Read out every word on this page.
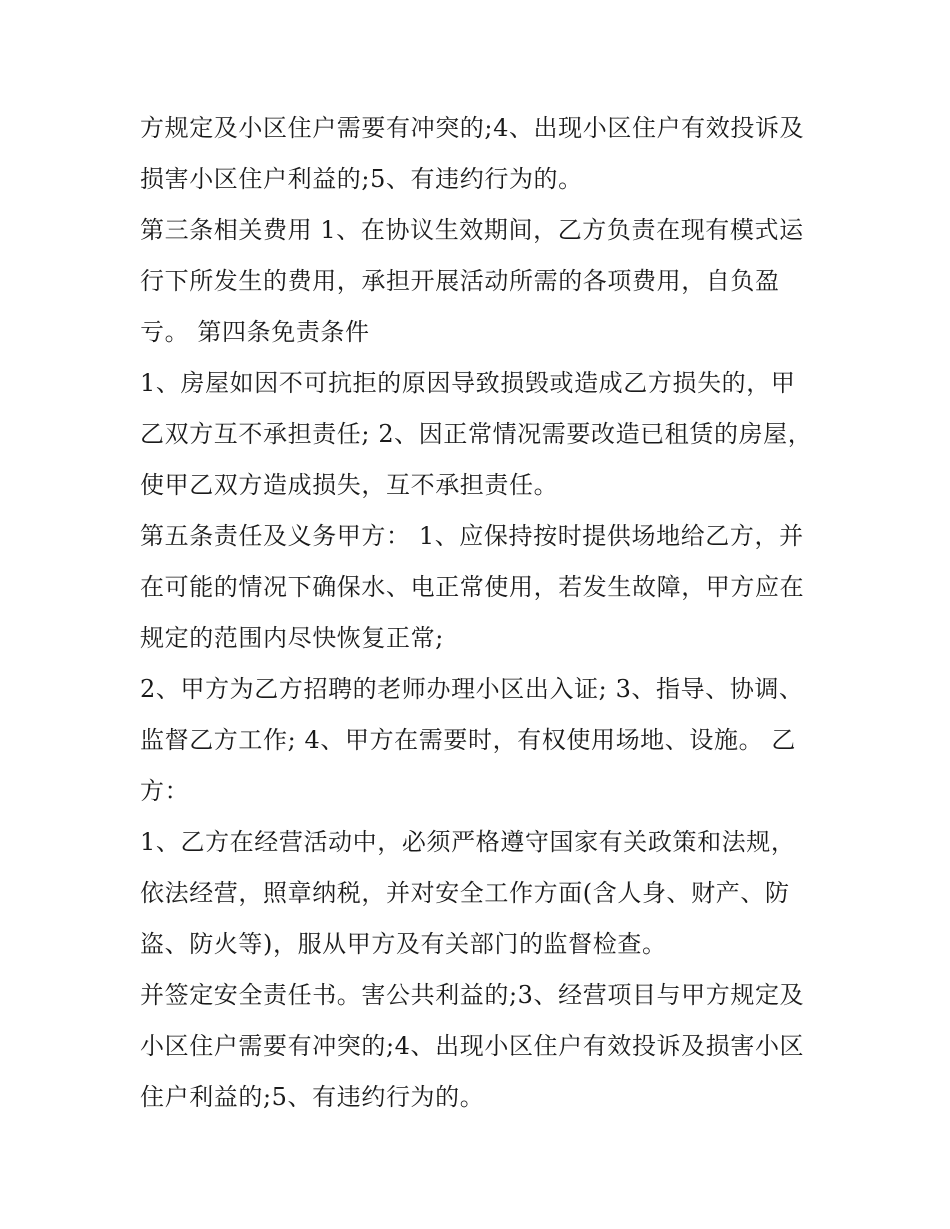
方规定及小区住户需要有冲突的;4、出现小区住户有效投诉及
损害小区住户利益的;5、有违约行为的。
第三条相关费用 1、在协议生效期间，乙方负责在现有模式运
行下所发生的费用，承担开展活动所需的各项费用，自负盈
亏。 第四条免责条件
1、房屋如因不可抗拒的原因导致损毁或造成乙方损失的，甲
乙双方互不承担责任; 2、因正常情况需要改造已租赁的房屋，
使甲乙双方造成损失，互不承担责任。
第五条责任及义务甲方： 1、应保持按时提供场地给乙方，并
在可能的情况下确保水、电正常使用，若发生故障，甲方应在
规定的范围内尽快恢复正常;
2、甲方为乙方招聘的老师办理小区出入证; 3、指导、协调、
监督乙方工作; 4、甲方在需要时，有权使用场地、设施。 乙
方：
1、乙方在经营活动中，必须严格遵守国家有关政策和法规，
依法经营，照章纳税，并对安全工作方面(含人身、财产、防
盗、防火等)，服从甲方及有关部门的监督检查。
并签定安全责任书。害公共利益的;3、经营项目与甲方规定及
小区住户需要有冲突的;4、出现小区住户有效投诉及损害小区
住户利益的;5、有违约行为的。
